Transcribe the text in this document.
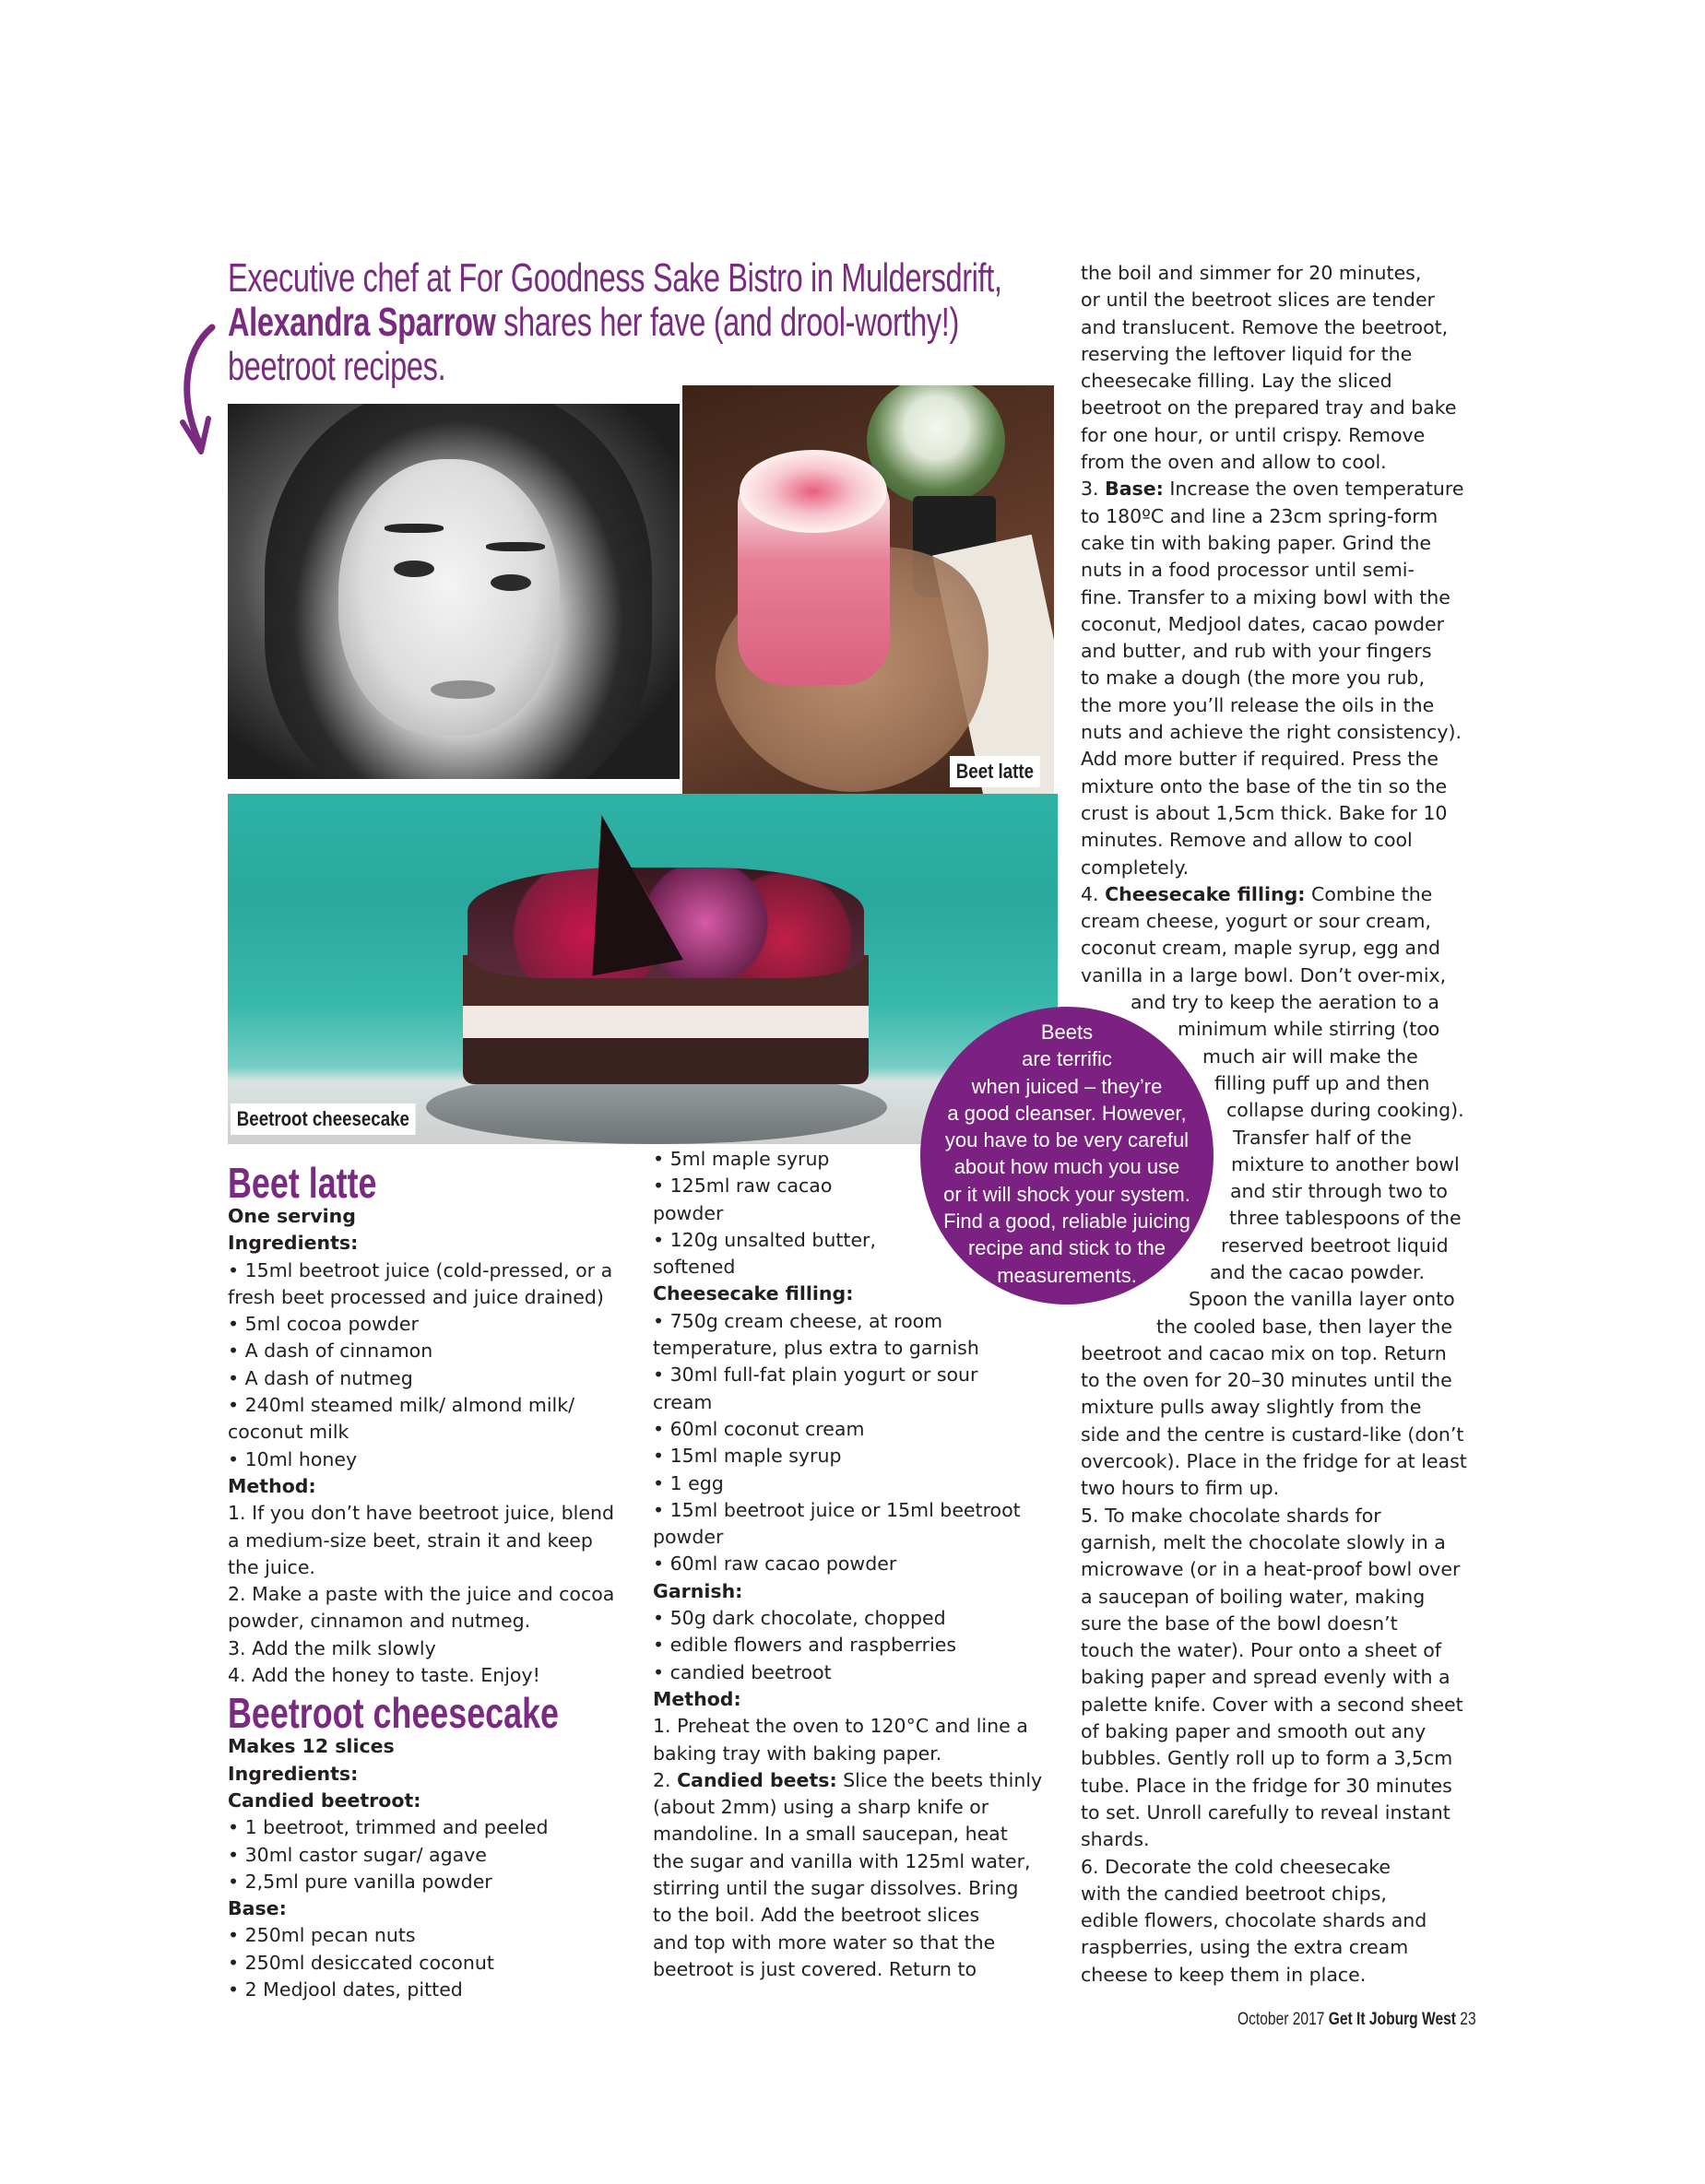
Executive chef at For Goodness Sake Bistro in Muldersdrift,
Alexandra Sparrow shares her fave (and drool-worthy!)
beetroot recipes.
Beet latte
Beetroot cheesecake
Beet latte

One serving

Ingredients:

• 15ml beetroot juice (cold-pressed, or a

fresh beet processed and juice drained)

• 5ml cocoa powder

• A dash of cinnamon

• A dash of nutmeg

• 240ml steamed milk/ almond milk/

coconut milk

• 10ml honey

Method:

1. If you don’t have beetroot juice, blend

a medium-size beet, strain it and keep

the juice.

2. Make a paste with the juice and cocoa

powder, cinnamon and nutmeg.

3. Add the milk slowly

4. Add the honey to taste. Enjoy!

Beetroot cheesecake

Makes 12 slices

Ingredients:

Candied beetroot:

• 1 beetroot, trimmed and peeled

• 30ml castor sugar/ agave

• 2,5ml pure vanilla powder

Base:

• 250ml pecan nuts

• 250ml desiccated coconut

• 2 Medjool dates, pitted

• 5ml maple syrup

• 125ml raw cacao

powder

• 120g unsalted butter,

softened

Cheesecake filling:

• 750g cream cheese, at room

temperature, plus extra to garnish

• 30ml full-fat plain yogurt or sour

cream

• 60ml coconut cream

• 15ml maple syrup

• 1 egg

• 15ml beetroot juice or 15ml beetroot

powder

• 60ml raw cacao powder

Garnish:

• 50g dark chocolate, chopped

• edible flowers and raspberries

• candied beetroot

Method:

1. Preheat the oven to 120°C and line a

baking tray with baking paper.

2. Candied beets: Slice the beets thinly

(about 2mm) using a sharp knife or

mandoline. In a small saucepan, heat

the sugar and vanilla with 125ml water,

stirring until the sugar dissolves. Bring

to the boil. Add the beetroot slices

and top with more water so that the

beetroot is just covered. Return to

the boil and simmer for 20 minutes,

or until the beetroot slices are tender

and translucent. Remove the beetroot,

reserving the leftover liquid for the

cheesecake filling. Lay the sliced

beetroot on the prepared tray and bake

for one hour, or until crispy. Remove

from the oven and allow to cool.

3. Base: Increase the oven temperature

to 180ºC and line a 23cm spring-form

cake tin with baking paper. Grind the

nuts in a food processor until semi-

fine. Transfer to a mixing bowl with the

coconut, Medjool dates, cacao powder

and butter, and rub with your fingers

to make a dough (the more you rub,

the more you’ll release the oils in the

nuts and achieve the right consistency).

Add more butter if required. Press the

mixture onto the base of the tin so the

crust is about 1,5cm thick. Bake for 10

minutes. Remove and allow to cool

completely.

4. Cheesecake filling: Combine the

cream cheese, yogurt or sour cream,

coconut cream, maple syrup, egg and

vanilla in a large bowl. Don’t over-mix,

and try to keep the aeration to a

minimum while stirring (too

much air will make the

filling puff up and then

collapse during cooking).

Transfer half of the

mixture to another bowl

and stir through two to

three tablespoons of the

reserved beetroot liquid

and the cacao powder.

Spoon the vanilla layer onto

the cooled base, then layer the

beetroot and cacao mix on top. Return

to the oven for 20–30 minutes until the

mixture pulls away slightly from the

side and the centre is custard-like (don’t

overcook). Place in the fridge for at least

two hours to firm up.

5. To make chocolate shards for

garnish, melt the chocolate slowly in a

microwave (or in a heat-proof bowl over

a saucepan of boiling water, making

sure the base of the bowl doesn’t

touch the water). Pour onto a sheet of

baking paper and spread evenly with a

palette knife. Cover with a second sheet

of baking paper and smooth out any

bubbles. Gently roll up to form a 3,5cm

tube. Place in the fridge for 30 minutes

to set. Unroll carefully to reveal instant

shards.

6. Decorate the cold cheesecake

with the candied beetroot chips,

edible flowers, chocolate shards and

raspberries, using the extra cream

cheese to keep them in place.

Beets

are terrific

when juiced – they’re

a good cleanser. However,

you have to be very careful

about how much you use

or it will shock your system.

Find a good, reliable juicing

recipe and stick to the

measurements.

October 2017 Get It Joburg West 23
